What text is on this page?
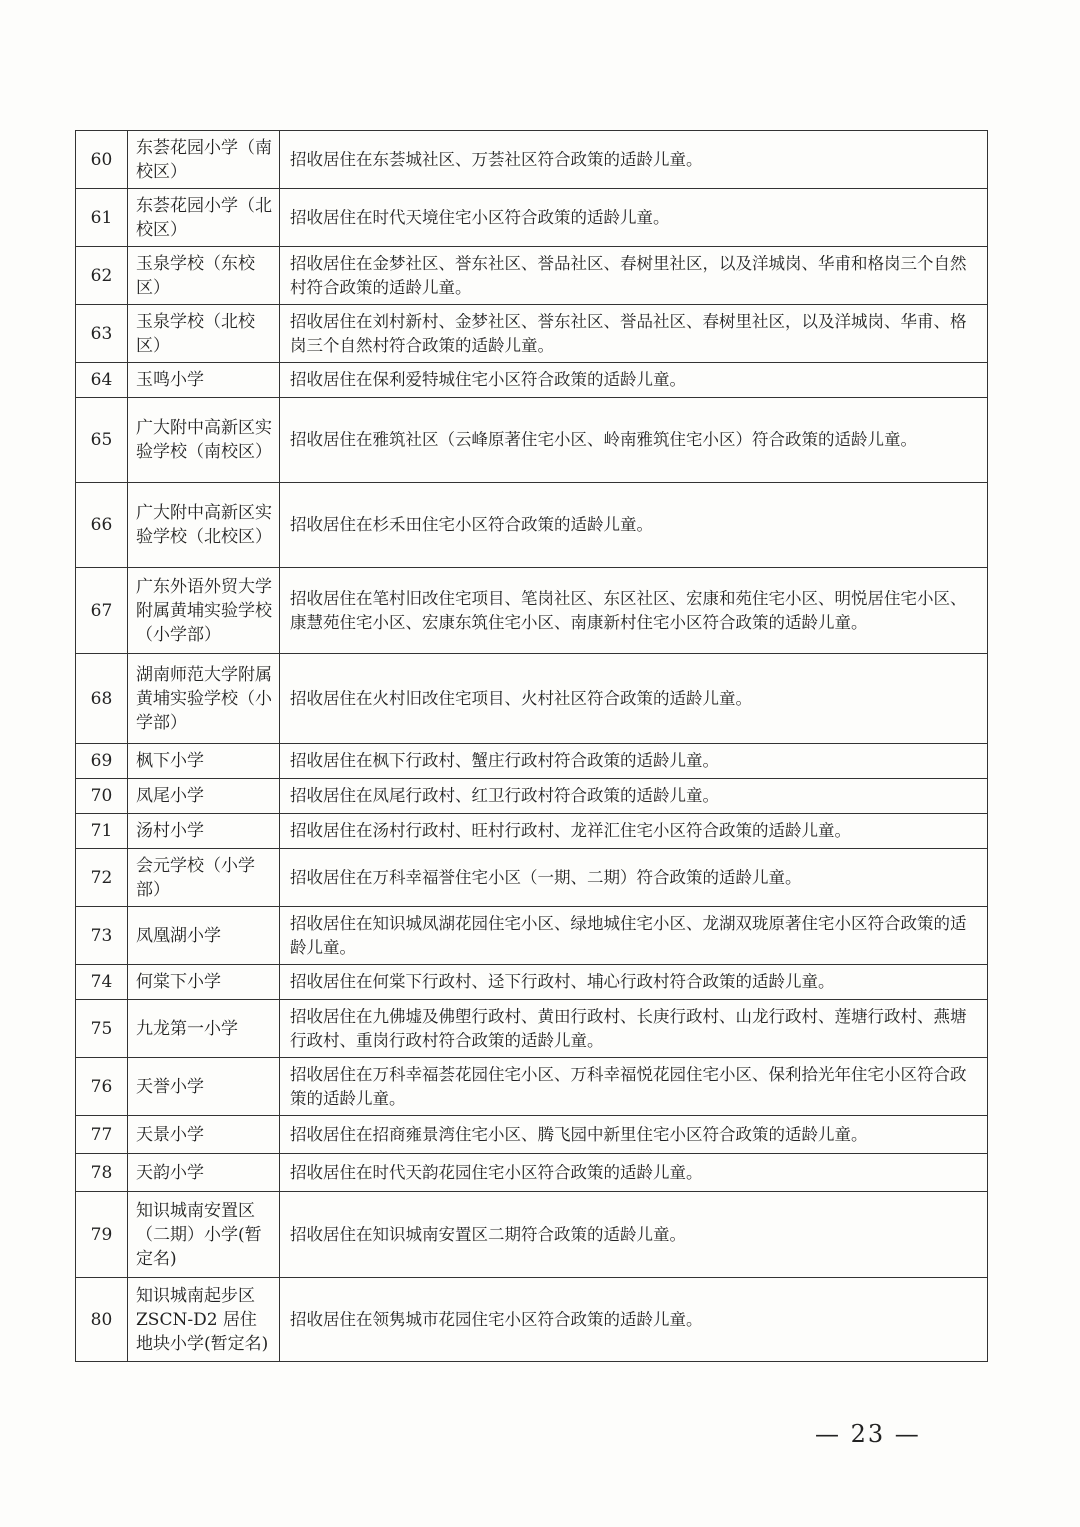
60	东荟花园小学（南校区）	招收居住在东荟城社区、万荟社区符合政策的适龄儿童。
61	东荟花园小学（北校区）	招收居住在时代天境住宅小区符合政策的适龄儿童。
62	玉泉学校（东校区）	招收居住在金梦社区、誉东社区、誉品社区、春树里社区，以及洋城岗、华甫和格岗三个自然村符合政策的适龄儿童。
63	玉泉学校（北校区）	招收居住在刘村新村、金梦社区、誉东社区、誉品社区、春树里社区，以及洋城岗、华甫、格岗三个自然村符合政策的适龄儿童。
64	玉鸣小学	招收居住在保利爱特城住宅小区符合政策的适龄儿童。
65	广大附中高新区实验学校（南校区）	招收居住在雅筑社区（云峰原著住宅小区、岭南雅筑住宅小区）符合政策的适龄儿童。
66	广大附中高新区实验学校（北校区）	招收居住在杉禾田住宅小区符合政策的适龄儿童。
67	广东外语外贸大学附属黄埔实验学校（小学部）	招收居住在笔村旧改住宅项目、笔岗社区、东区社区、宏康和苑住宅小区、明悦居住宅小区、康慧苑住宅小区、宏康东筑住宅小区、南康新村住宅小区符合政策的适龄儿童。
68	湖南师范大学附属黄埔实验学校（小学部）	招收居住在火村旧改住宅项目、火村社区符合政策的适龄儿童。
69	枫下小学	招收居住在枫下行政村、蟹庄行政村符合政策的适龄儿童。
70	凤尾小学	招收居住在凤尾行政村、红卫行政村符合政策的适龄儿童。
71	汤村小学	招收居住在汤村行政村、旺村行政村、龙祥汇住宅小区符合政策的适龄儿童。
72	会元学校（小学部）	招收居住在万科幸福誉住宅小区（一期、二期）符合政策的适龄儿童。
73	凤凰湖小学	招收居住在知识城凤湖花园住宅小区、绿地城住宅小区、龙湖双珑原著住宅小区符合政策的适龄儿童。
74	何棠下小学	招收居住在何棠下行政村、迳下行政村、埔心行政村符合政策的适龄儿童。
75	九龙第一小学	招收居住在九佛墟及佛塱行政村、黄田行政村、长庚行政村、山龙行政村、莲塘行政村、燕塘行政村、重岗行政村符合政策的适龄儿童。
76	天誉小学	招收居住在万科幸福荟花园住宅小区、万科幸福悦花园住宅小区、保利拾光年住宅小区符合政策的适龄儿童。
77	天景小学	招收居住在招商雍景湾住宅小区、腾飞园中新里住宅小区符合政策的适龄儿童。
78	天韵小学	招收居住在时代天韵花园住宅小区符合政策的适龄儿童。
79	知识城南安置区（二期）小学(暂定名)	招收居住在知识城南安置区二期符合政策的适龄儿童。
80	知识城南起步区ZSCN-D2 居住地块小学(暂定名)	招收居住在领隽城市花园住宅小区符合政策的适龄儿童。
— 23 —
